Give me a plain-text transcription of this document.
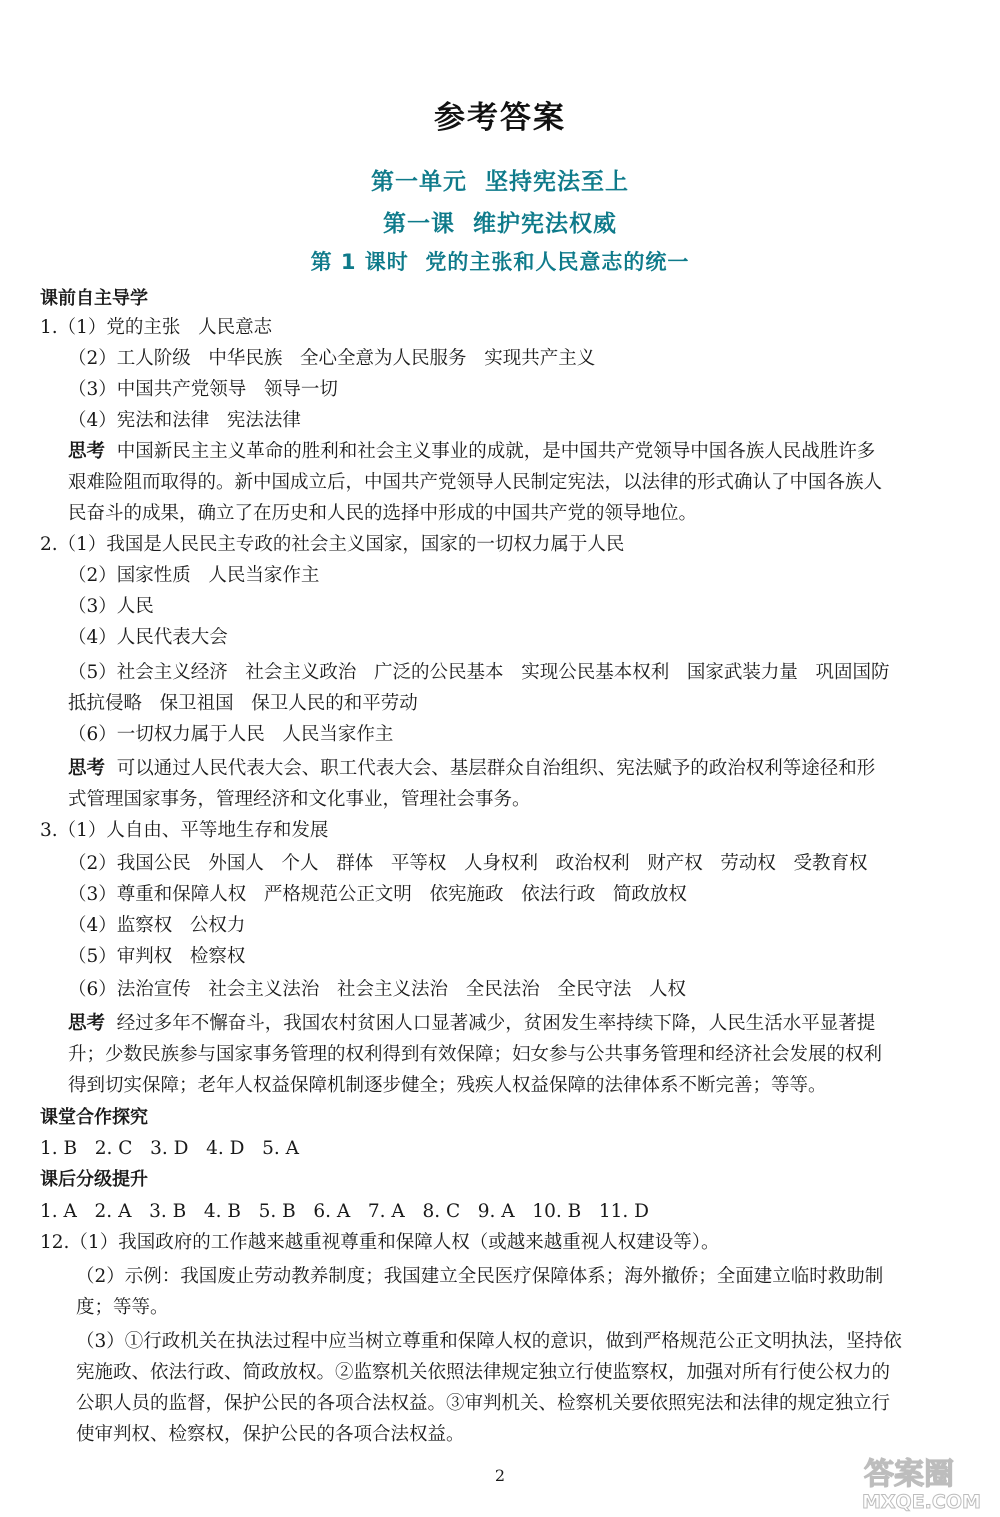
参考答案
第一单元  坚持宪法至上
第一课  维护宪法权威
第 1 课时  党的主张和人民意志的统一
课前自主导学
1.（1）党的主张   人民意志
（2）工人阶级   中华民族   全心全意为人民服务   实现共产主义
（3）中国共产党领导   领导一切
（4）宪法和法律   宪法法律
思考 中国新民主主义革命的胜利和社会主义事业的成就，是中国共产党领导中国各族人民战胜许多
艰难险阻而取得的。新中国成立后，中国共产党领导人民制定宪法，以法律的形式确认了中国各族人
民奋斗的成果，确立了在历史和人民的选择中形成的中国共产党的领导地位。
2.（1）我国是人民民主专政的社会主义国家，国家的一切权力属于人民
（2）国家性质   人民当家作主
（3）人民
（4）人民代表大会
（5）社会主义经济   社会主义政治   广泛的公民基本   实现公民基本权利   国家武装力量   巩固国防
抵抗侵略   保卫祖国   保卫人民的和平劳动
（6）一切权力属于人民   人民当家作主
思考 可以通过人民代表大会、职工代表大会、基层群众自治组织、宪法赋予的政治权利等途径和形
式管理国家事务，管理经济和文化事业，管理社会事务。
3.（1）人自由、平等地生存和发展
（2）我国公民   外国人   个人   群体   平等权   人身权利   政治权利   财产权   劳动权   受教育权
（3）尊重和保障人权   严格规范公正文明   依宪施政   依法行政   简政放权
（4）监察权   公权力
（5）审判权   检察权
（6）法治宣传   社会主义法治   社会主义法治   全民法治   全民守法   人权
思考 经过多年不懈奋斗，我国农村贫困人口显著减少，贫困发生率持续下降，人民生活水平显著提
升；少数民族参与国家事务管理的权利得到有效保障；妇女参与公共事务管理和经济社会发展的权利
得到切实保障；老年人权益保障机制逐步健全；残疾人权益保障的法律体系不断完善；等等。
课堂合作探究
1. B   2. C   3. D   4. D   5. A
课后分级提升
1. A   2. A   3. B   4. B   5. B   6. A   7. A   8. C   9. A   10. B   11. D
12.（1）我国政府的工作越来越重视尊重和保障人权（或越来越重视人权建设等）。
（2）示例：我国废止劳动教养制度；我国建立全民医疗保障体系；海外撤侨；全面建立临时救助制
度；等等。
（3）①行政机关在执法过程中应当树立尊重和保障人权的意识，做到严格规范公正文明执法，坚持依
宪施政、依法行政、简政放权。②监察机关依照法律规定独立行使监察权，加强对所有行使公权力的
公职人员的监督，保护公民的各项合法权益。③审判机关、检察机关要依照宪法和法律的规定独立行
使审判权、检察权，保护公民的各项合法权益。
2	答案圈
MXQE.COM
